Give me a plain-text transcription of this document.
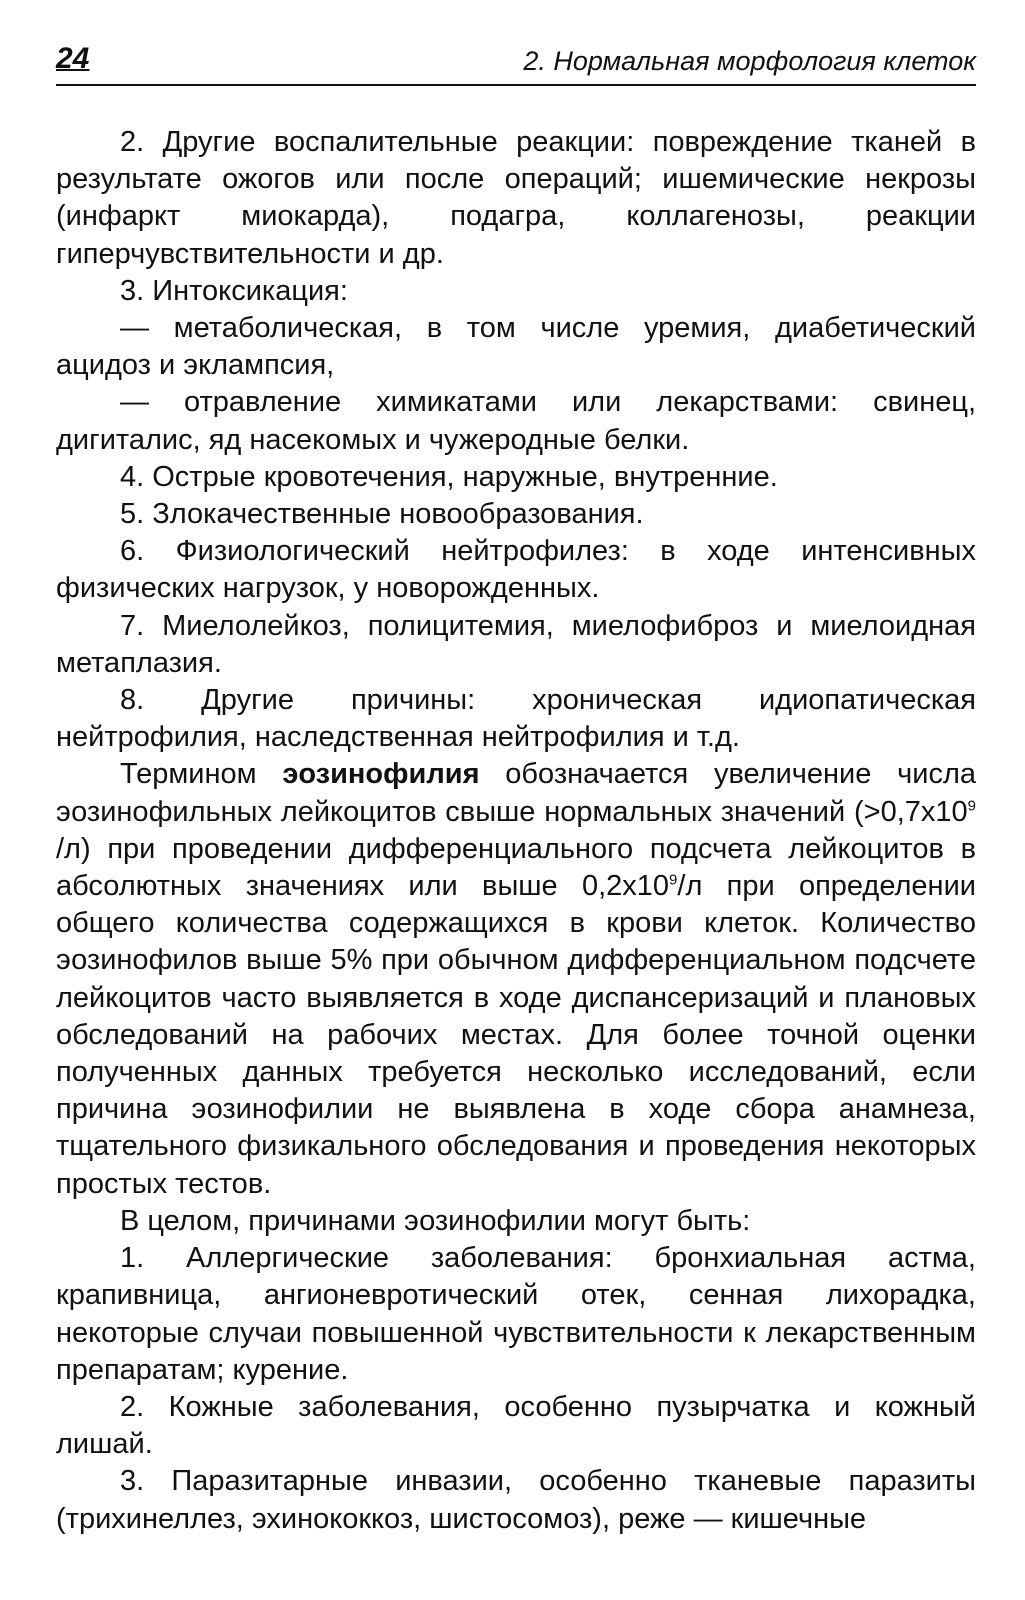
24	2. Нормальная морфология клеток

2. Другие воспалительные реакции: повреждение тканей в результате ожогов или после операций; ишемические некрозы (инфаркт миокарда), подагра, коллагенозы, реакции гиперчувствительности и др.

3. Интоксикация:

— метаболическая, в том числе уремия, диабетический ацидоз и эклампсия,

— отравление химикатами или лекарствами: свинец, дигиталис, яд насекомых и чужеродные белки.

4. Острые кровотечения, наружные, внутренние.

5. Злокачественные новообразования.

6. Физиологический нейтрофилез: в ходе интенсивных физических нагрузок, у новорожденных.

7. Миелолейкоз, полицитемия, миелофиброз и миелоидная метаплазия.

8. Другие причины: хроническая идиопатическая нейтрофилия, наследственная нейтрофилия и т.д.

Термином эозинофилия обозначается увеличение числа эозинофильных лейкоцитов свыше нормальных значений ($>0,7x10^9$ /л) при проведении дифференциального подсчета лейкоцитов в абсолютных значениях или выше $0,2x10^9/л$ при определении общего количества содержащихся в крови клеток. Количество эозинофилов выше 5% при обычном дифференциальном подсчете лейкоцитов часто выявляется в ходе диспансеризаций и плановых обследований на рабочих местах. Для более точной оценки полученных данных требуется несколько исследований, если причина эозинофилии не выявлена в ходе сбора анамнеза, тщательного физикального обследования и проведения некоторых простых тестов.

В целом, причинами эозинофилии могут быть:

1. Аллергические заболевания: бронхиальная астма, крапивница, ангионевротический отек, сенная лихорадка, некоторые случаи повышенной чувствительности к лекарственным препаратам; курение.

2. Кожные заболевания, особенно пузырчатка и кожный лишай.

3. Паразитарные инвазии, особенно тканевые паразиты (трихинеллез, эхинококкоз, шистосомоз), реже — кишечные
